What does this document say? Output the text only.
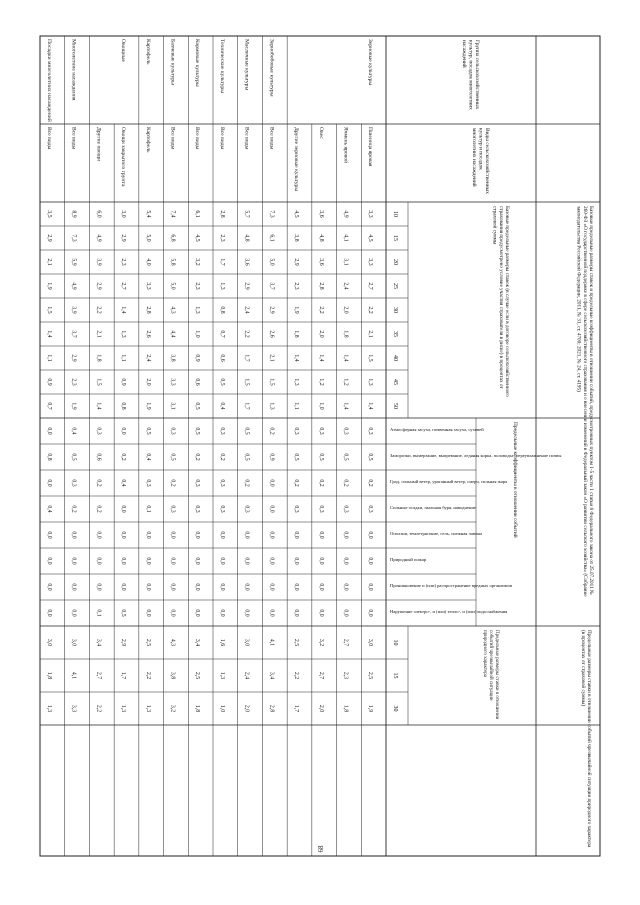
Базовые предельные размеры ставок и предельные коэффициенты в отношении событий, предусмотренных пунктом 1-5 части 1 статьи 8 Федерального закона от 25.07.2011 №260-ФЗ «О государственной поддержке в сфере сельскохозяйственного страхования и о внесении изменений в Федеральный закон «О развитии сельского хозяйства» (Собраниезаконодательства Российской Федерации, 2011, № 31, ст. 4700; 2021, № 24, ст. 4195)
Предельные размеры ставки в отношении событий чрезвычайной ситуации природного характера(в процентах от страховой суммы)
Группа сельскохозяйственныхкультур, посадок многолетнихнасаждений
Виды сельскохозяйственныхкультур и посадокмноголетних насаждений
Базовые предельные размеры ставок (в случае если в договоре сельскохозяйственногострахования предусмотрено условие участия страхователя в риске) в процентах отстраховой суммы
10
15
20
25
30
35
40
45
50
Предельные коэффициенты в отношении событий
Атмосферная засуха, почвенная засуха, суховей
Заморозки, вымерзание, выпревание, ледяная корка, половодье, переувлажнение почвы
Град, сильный ветер, ураганный ветер, смерч, сильная жара
Сильные осадки, пыльная буря, наводнение
Оползни, землетрясение, сель, снежная лавина
Природный пожар
Проникновение и (или) распространение вредных организмов
Нарушение электро-, и (или) тепло-, и (или) водоснабжения
Предельные размеры ставки в отношениисобытий чрезвычайной ситуацииприродного характера
10
15
30
Зерновые культуры
Пшеница яровая
3,3
4,5
3,3
2,7
2,2
2,1
1,5
1,3
1,4
0,3
0,5
0,2
0,3
0,0
0,0
0,0
0,0
3,0
2,5
1,9
Ячмень яровой
4,9
4,1
3,1
2,4
2,0
1,8
1,4
1,2
1,4
0,3
0,5
0,2
0,3
0,0
0,0
0,0
0,0
2,7
2,3
1,8
Овес
3,6
4,8
3,6
2,8
2,2
2,0
1,4
1,2
1,0
0,3
0,5
0,2
0,3
0,0
0,0
0,0
0,0
3,2
2,7
2,0
Другие зерновые культуры
4,5
3,8
2,9
2,3
1,9
1,8
1,4
1,3
1,1
0,3
0,5
0,2
0,3
0,0
0,0
0,0
0,0
2,5
2,2
1,7
Зернобобовые культуры
Все виды
7,3
6,1
5,0
3,7
2,9
2,6
2,1
1,5
1,3
0,2
0,9
0,0
0,0
0,0
0,0
0,0
0,0
4,1
3,4
2,8
Масличные культуры
Все виды
5,7
4,8
3,6
2,9
2,4
2,2
1,7
1,5
1,7
0,5
0,5
0,2
0,3
0,0
0,0
0,0
0,0
3,0
2,4
2,0
Технические культуры
Все виды
2,8
2,3
1,7
1,3
0,8
0,7
0,6
0,5
0,4
0,3
0,2
0,3
0,3
0,0
0,0
0,0
0,0
1,6
1,3
1,0
Кормовые культуры
Все виды
6,1
4,5
3,2
2,3
1,3
1,0
0,9
0,6
0,5
0,5
0,2
0,3
0,3
0,0
0,0
0,0
0,0
3,4
2,5
1,8
Бахчевые культуры
Все виды
7,4
6,8
5,8
5,0
4,3
4,4
3,8
3,3
3,1
0,3
0,5
0,2
0,3
0,0
0,0
0,0
0,0
4,3
3,8
3,2
Картофель
Картофель
5,4
5,0
4,0
3,3
2,8
2,6
2,4
2,0
1,9
0,5
0,4
0,3
0,1
0,0
0,0
0,0
0,0
2,5
2,2
1,3
Овощные
Овощи закрытого грунта
3,0
2,9
2,3
2,7
1,4
1,3
1,1
0,9
0,8
0,0
0,2
0,4
0,0
0,0
0,0
0,0
0,5
2,9
1,7
1,3
Другие овощи
6,0
4,9
3,9
2,9
2,2
2,1
1,8
1,5
1,4
0,3
0,6
0,2
0,2
0,0
0,0
0,0
0,1
3,4
2,7
2,2
Многолетние насаждения
Все виды
8,9
7,3
5,9
4,9
3,9
3,7
2,9
2,3
1,9
0,4
0,5
0,3
0,2
0,0
0,0
0,0
0,0
3,0
4,1
3,3
Посадки многолетних насаждений
Все виды
3,5
2,9
2,1
1,9
1,5
1,4
1,1
0,9
0,7
0,0
0,8
0,0
0,4
0,0
0,0
0,0
0,0
3,0
1,8
1,3
68
